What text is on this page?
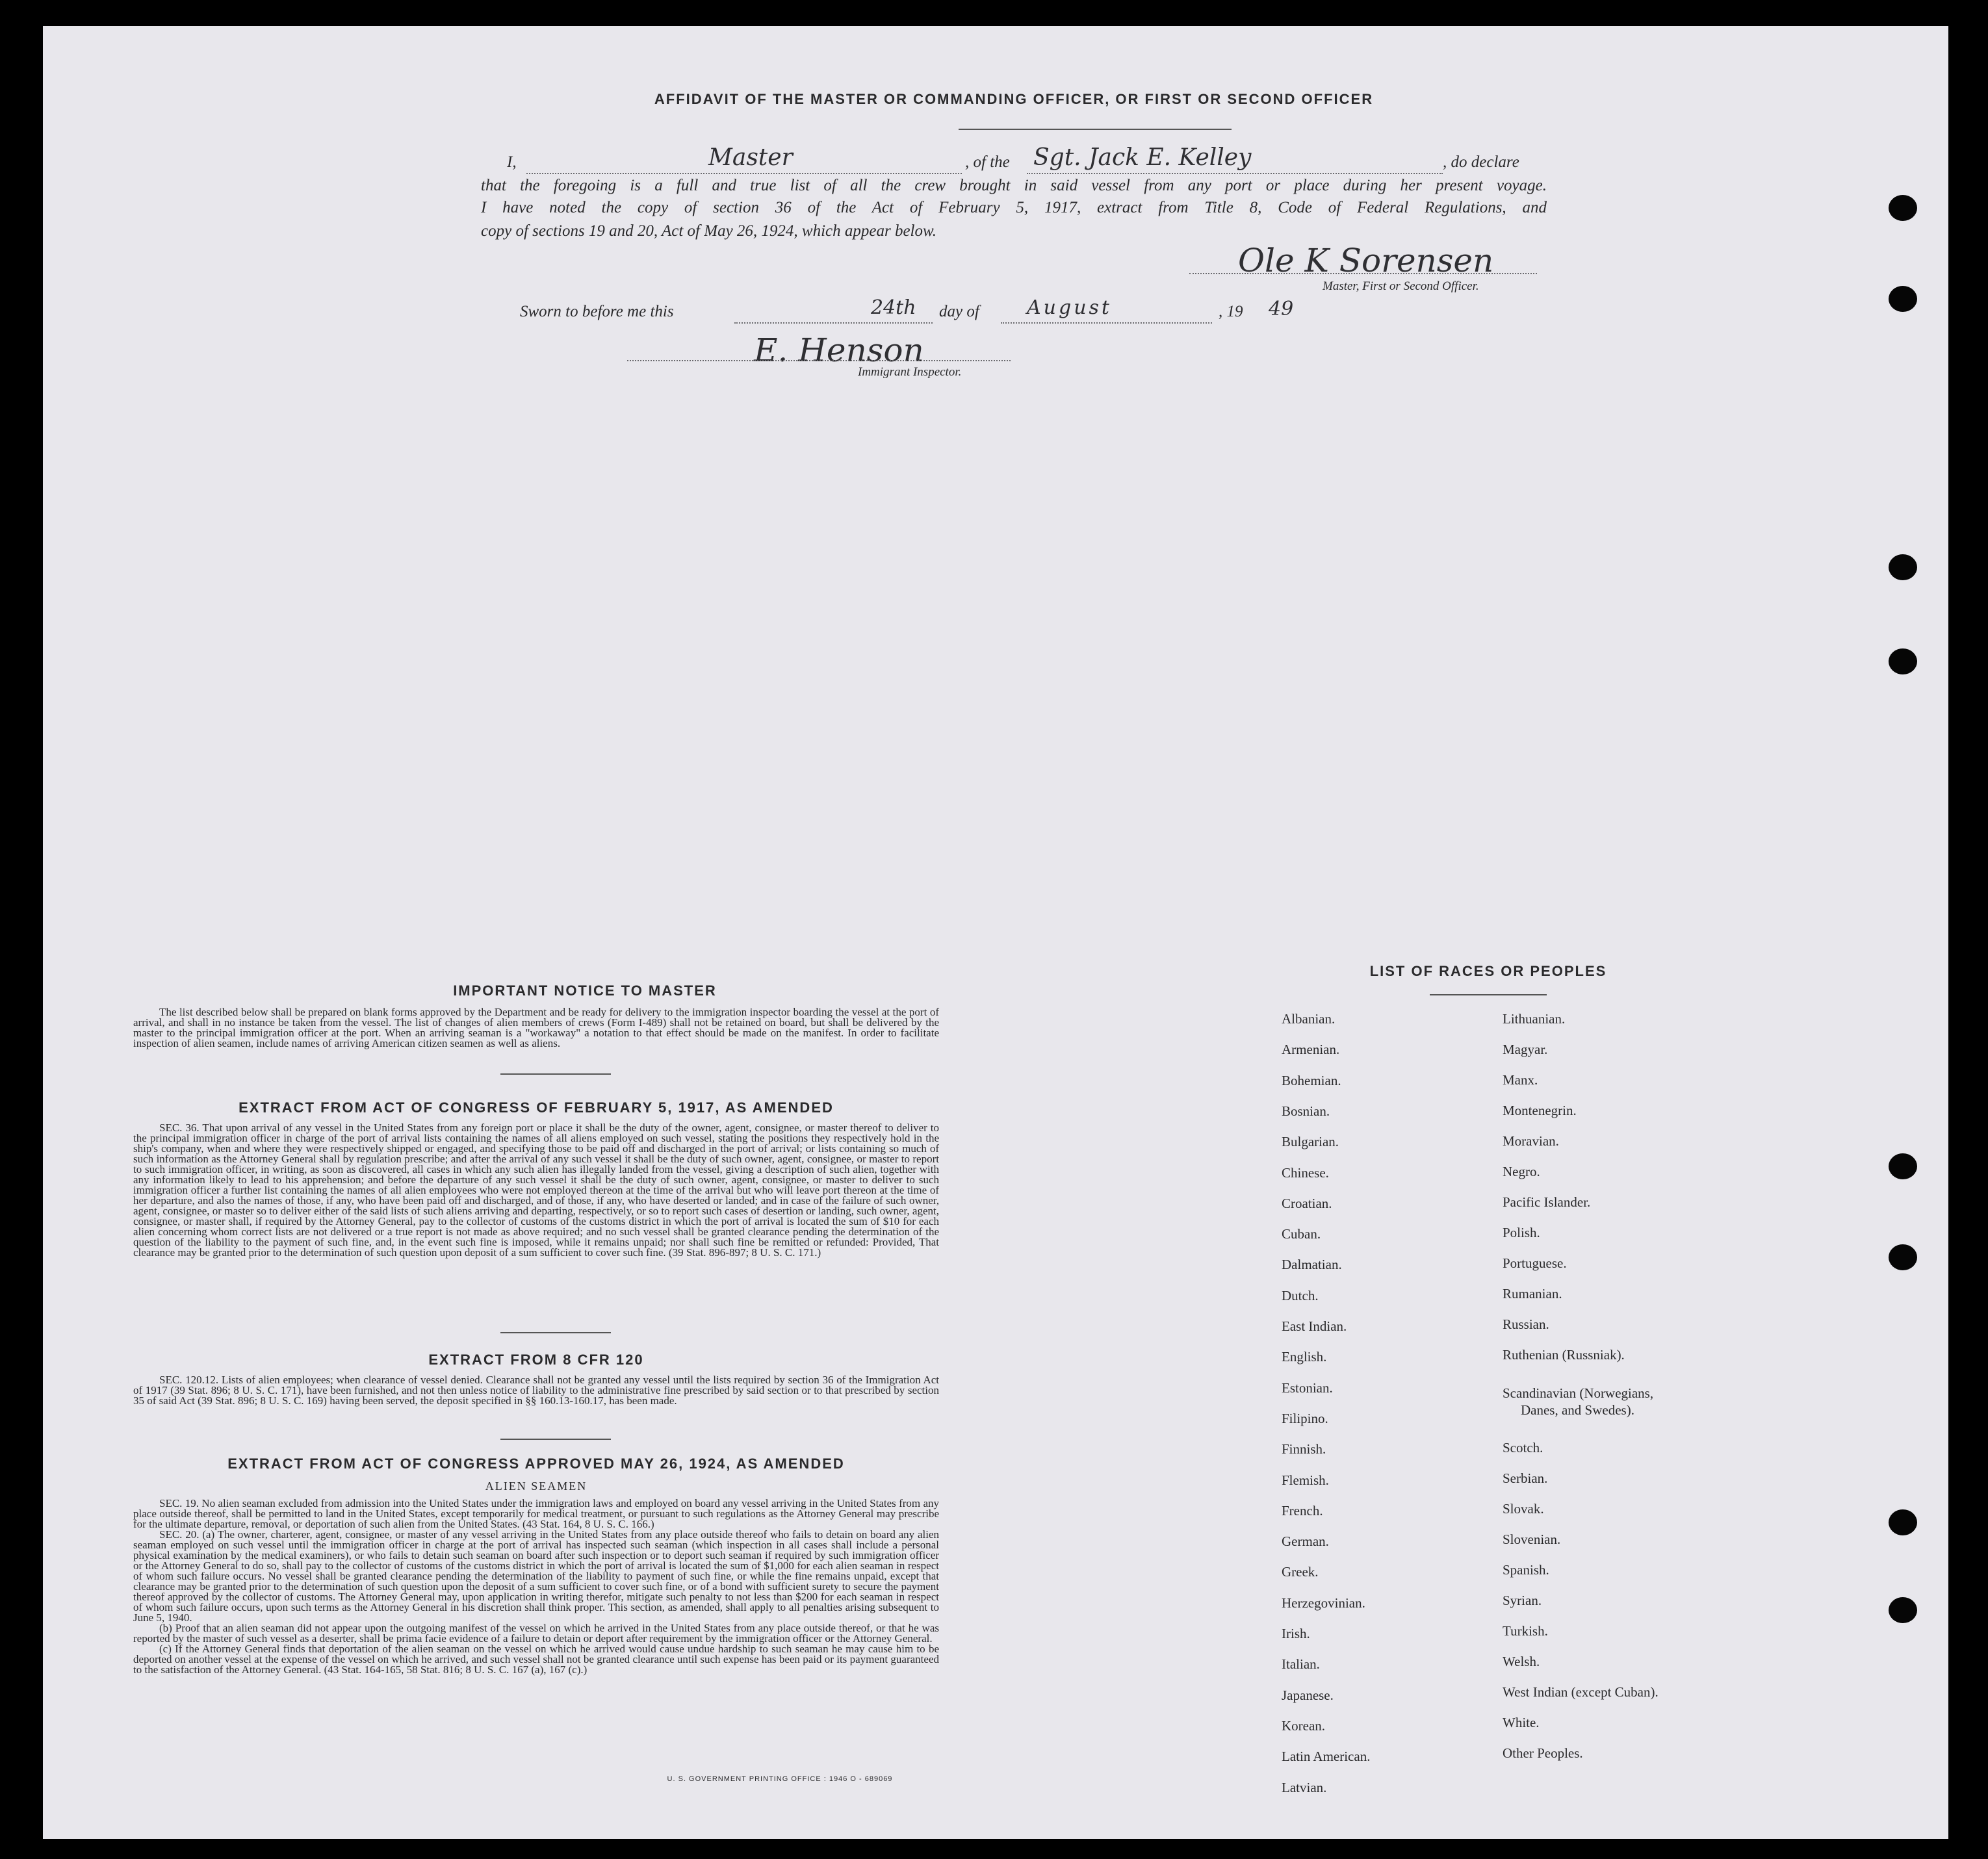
AFFIDAVIT OF THE MASTER OR COMMANDING OFFICER, OR FIRST OR SECOND OFFICER
I,	Master	, of the Sgt. Jack E. Kelley	, do declare
that the foregoing is a full and true list of all the crew brought in said vessel from any port or place during her present voyage.
I have noted the copy of section 36 of the Act of February 5, 1917, extract from Title 8, Code of Federal Regulations, and
copy of sections 19 and 20, Act of May 26, 1924, which appear below.
Ole K Sorensen
Master, First or Second Officer.
Sworn to before me this	24th day of August	, 19 49
E. Henson
Immigrant Inspector.
IMPORTANT NOTICE TO MASTER
The list described below shall be prepared on blank forms approved by the Department and be ready for delivery to the immigration inspector boarding the vessel at the port of arrival, and shall in no instance be taken from the vessel. The list of changes of alien members of crews (Form I-489) shall not be retained on board, but shall be delivered by the master to the principal immigration officer at the port. When an arriving seaman is a "workaway" a notation to that effect should be made on the manifest. In order to facilitate inspection of alien seamen, include names of arriving American citizen seamen as well as aliens.
EXTRACT FROM ACT OF CONGRESS OF FEBRUARY 5, 1917, AS AMENDED
SEC. 36. That upon arrival of any vessel in the United States from any foreign port or place it shall be the duty of the owner, agent, consignee, or master thereof to deliver to the principal immigration officer in charge of the port of arrival lists containing the names of all aliens employed on such vessel, stating the positions they respectively hold in the ship's company, when and where they were respectively shipped or engaged, and specifying those to be paid off and discharged in the port of arrival; or lists containing so much of such information as the Attorney General shall by regulation prescribe; and after the arrival of any such vessel it shall be the duty of such owner, agent, consignee, or master to report to such immigration officer, in writing, as soon as discovered, all cases in which any such alien has illegally landed from the vessel, giving a description of such alien, together with any information likely to lead to his apprehension; and before the departure of any such vessel it shall be the duty of such owner, agent, consignee, or master to deliver to such immigration officer a further list containing the names of all alien employees who were not employed thereon at the time of the arrival but who will leave port thereon at the time of her departure, and also the names of those, if any, who have been paid off and discharged, and of those, if any, who have deserted or landed; and in case of the failure of such owner, agent, consignee, or master so to deliver either of the said lists of such aliens arriving and departing, respectively, or so to report such cases of desertion or landing, such owner, agent, consignee, or master shall, if required by the Attorney General, pay to the collector of customs of the customs district in which the port of arrival is located the sum of $10 for each alien concerning whom correct lists are not delivered or a true report is not made as above required; and no such vessel shall be granted clearance pending the determination of the question of the liability to the payment of such fine, and, in the event such fine is imposed, while it remains unpaid; nor shall such fine be remitted or refunded: Provided, That clearance may be granted prior to the determination of such question upon deposit of a sum sufficient to cover such fine. (39 Stat. 896-897; 8 U. S. C. 171.)
EXTRACT FROM 8 CFR 120
SEC. 120.12. Lists of alien employees; when clearance of vessel denied. Clearance shall not be granted any vessel until the lists required by section 36 of the Immigration Act of 1917 (39 Stat. 896; 8 U. S. C. 171), have been furnished, and not then unless notice of liability to the administrative fine prescribed by said section or to that prescribed by section 35 of said Act (39 Stat. 896; 8 U. S. C. 169) having been served, the deposit specified in §§ 160.13-160.17, has been made.
EXTRACT FROM ACT OF CONGRESS APPROVED MAY 26, 1924, AS AMENDED
ALIEN SEAMEN
SEC. 19. No alien seaman excluded from admission into the United States under the immigration laws and employed on board any vessel arriving in the United States from any place outside thereof, shall be permitted to land in the United States, except temporarily for medical treatment, or pursuant to such regulations as the Attorney General may prescribe for the ultimate departure, removal, or deportation of such alien from the United States. (43 Stat. 164, 8 U. S. C. 166.)
SEC. 20. (a) The owner, charterer, agent, consignee, or master of any vessel arriving in the United States from any place outside thereof who fails to detain on board any alien seaman employed on such vessel until the immigration officer in charge at the port of arrival has inspected such seaman (which inspection in all cases shall include a personal physical examination by the medical examiners), or who fails to detain such seaman on board after such inspection or to deport such seaman if required by such immigration officer or the Attorney General to do so, shall pay to the collector of customs of the customs district in which the port of arrival is located the sum of $1,000 for each alien seaman in respect of whom such failure occurs. No vessel shall be granted clearance pending the determination of the liability to payment of such fine, or while the fine remains unpaid, except that clearance may be granted prior to the determination of such question upon the deposit of a sum sufficient to cover such fine, or of a bond with sufficient surety to secure the payment thereof approved by the collector of customs. The Attorney General may, upon application in writing therefor, mitigate such penalty to not less than $200 for each seaman in respect of whom such failure occurs, upon such terms as the Attorney General in his discretion shall think proper. This section, as amended, shall apply to all penalties arising subsequent to June 5, 1940.
(b) Proof that an alien seaman did not appear upon the outgoing manifest of the vessel on which he arrived in the United States from any place outside thereof, or that he was reported by the master of such vessel as a deserter, shall be prima facie evidence of a failure to detain or deport after requirement by the immigration officer or the Attorney General.
(c) If the Attorney General finds that deportation of the alien seaman on the vessel on which he arrived would cause undue hardship to such seaman he may cause him to be deported on another vessel at the expense of the vessel on which he arrived, and such vessel shall not be granted clearance until such expense has been paid or its payment guaranteed to the satisfaction of the Attorney General. (43 Stat. 164-165, 58 Stat. 816; 8 U. S. C. 167 (a), 167 (c).)
U. S. GOVERNMENT PRINTING OFFICE : 1946 O - 689069
LIST OF RACES OR PEOPLES
Albanian.
Armenian.
Bohemian.
Bosnian.
Bulgarian.
Chinese.
Croatian.
Cuban.
Dalmatian.
Dutch.
East Indian.
English.
Estonian.
Filipino.
Finnish.
Flemish.
French.
German.
Greek.
Herzegovinian.
Irish.
Italian.
Japanese.
Korean.
Latin American.
Latvian.
Lithuanian.
Magyar.
Manx.
Montenegrin.
Moravian.
Negro.
Pacific Islander.
Polish.
Portuguese.
Rumanian.
Russian.
Ruthenian (Russniak).
Scandinavian (Norwegians,
Danes, and Swedes).
Scotch.
Serbian.
Slovak.
Slovenian.
Spanish.
Syrian.
Turkish.
Welsh.
West Indian (except Cuban).
White.
Other Peoples.
